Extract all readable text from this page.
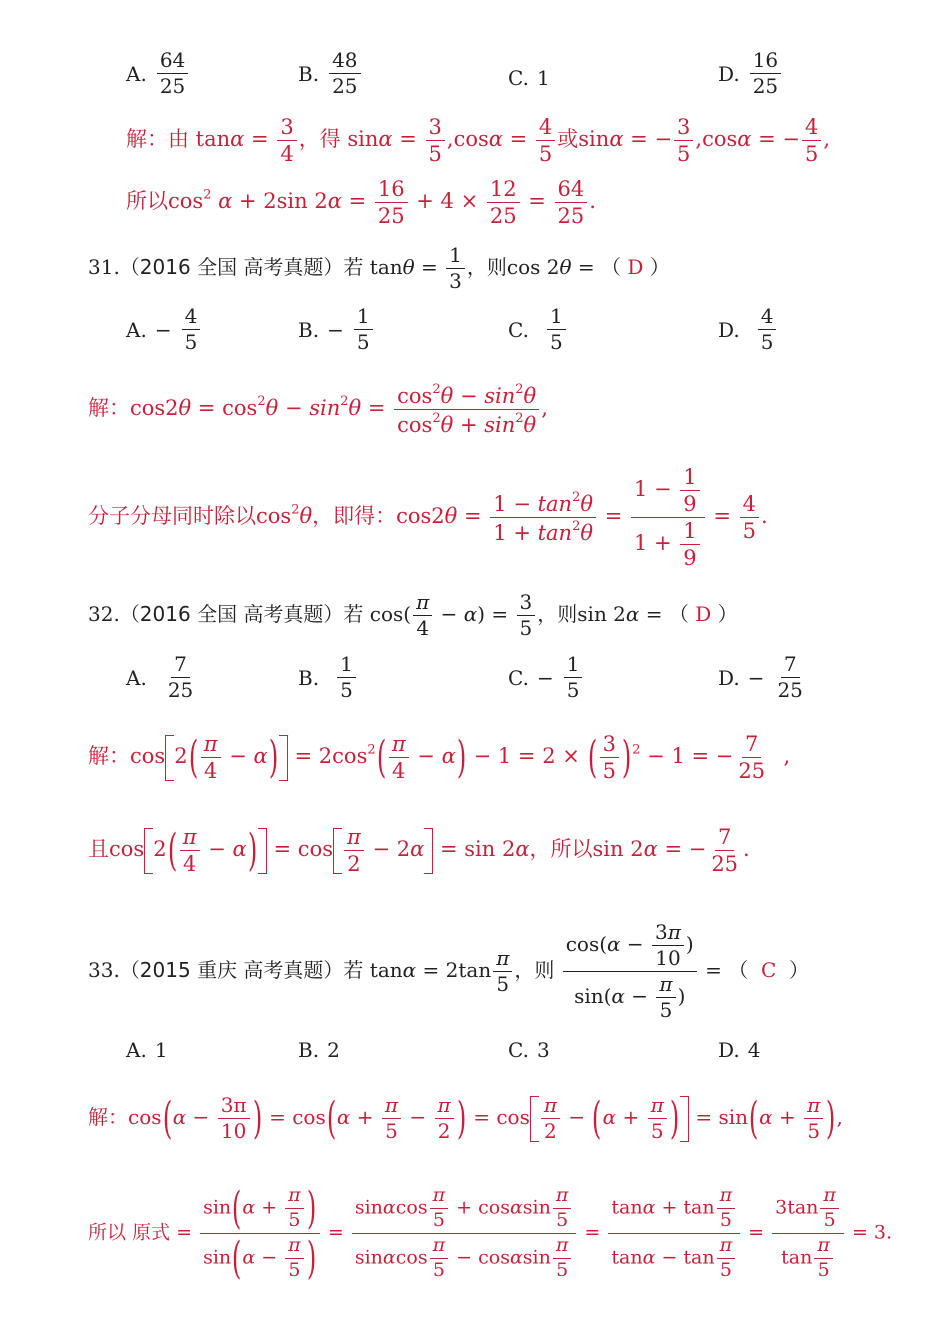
A. $\frac{64}{25}$	B. $\frac{48}{25}$	C. 1	D. $\frac{16}{25}$
解：由 $\tan\alpha = \frac{3}{4}$ ，得 $\sin\alpha = \frac{3}{5} ,\cos\alpha = \frac{4}{5}$ 或sinα = − $\frac{3}{5} ,\cos\alpha$ = − $\frac{4}{5}$ ,
所以$\cos^2 \alpha + 2\sin$ $2\alpha = \frac{16}{25} + 4 \times \frac{12}{25} = \frac{64}{25}$ .
31.（2016 全国 高考真题）若 $\tan\theta = \frac{1}{3}$ ，则cos 2θ = （ D ）
A. − $\frac{4}{5}$	B. − $\frac{1}{5}$	C. $\frac{1}{5}$	D. $\frac{4}{5}$
解：$\cos 2\theta = \cos^2\theta - \sin^2\theta = \frac{\cos^2\theta - \sin^2\theta}{\cos^2\theta + \sin^2\theta}$ ,
分子分母同时除以$\cos^2\theta$，即得：$\cos 2\theta = \frac{1 - \tan^2\theta}{1 + \tan^2\theta} = \frac{1 - \frac{1}{9}}{1 + \frac{1}{9}} = \frac{4}{5}$ .
32.（2016 全国 高考真题）若 $\cos( \frac{\pi}{4} - \alpha) = \frac{3}{5}$ ，则sin 2α = （ D ）
A. $\frac{7}{25}$	B. $\frac{1}{5}$	C. − $\frac{1}{5}$	D. − $\frac{7}{25}$
解：$\cos 2( \frac{\pi}{4} - \alpha) = 2\cos^2( \frac{\pi}{4} - \alpha) - 1 = 2$ × ( $\frac{3}{5} )^2 - 1$ = − $\frac{7}{25}$ ,
且$\cos 2( \frac{\pi}{4} - \alpha) = \cos \frac{\pi}{2} - 2\alpha = \sin 2\alpha$，所以sin 2α = − $\frac{7}{25}$ .
33.（2015 重庆 高考真题）若 $\tan\alpha = 2\tan \frac{\pi}{5}$ ，则 $\frac{\cos(\alpha - \frac{3\pi}{10} )}{\sin(\alpha - \frac{\pi}{5} )}$ = （ C ）
A. 1	B. 2	C. 3	D. 4
解：$\cos(\alpha - \frac{3\pi}{10}$ ) = $\cos(\alpha + \frac{\pi}{5} - \frac{\pi}{2}$ ) = $\cos \frac{\pi}{2} - (\alpha + \frac{\pi}{5}$ ) = $\sin(\alpha + \frac{\pi}{5}$ ),
所以 原式 = $\frac{\sin(\alpha + \frac{\pi}{5} )}{\sin(\alpha - \frac{\pi}{5} )} = \frac{\sin\alpha\cos \frac{\pi}{5} + \cos\alpha\sin \frac{\pi}{5}}{\sin\alpha\cos \frac{\pi}{5} - \cos\alpha\sin \frac{\pi}{5}} = \frac{\tan\alpha + \tan \frac{\pi}{5}}{\tan\alpha - \tan \frac{\pi}{5}} = \frac{3\tan \frac{\pi}{5}}{\tan \frac{\pi}{5}} = 3$.
